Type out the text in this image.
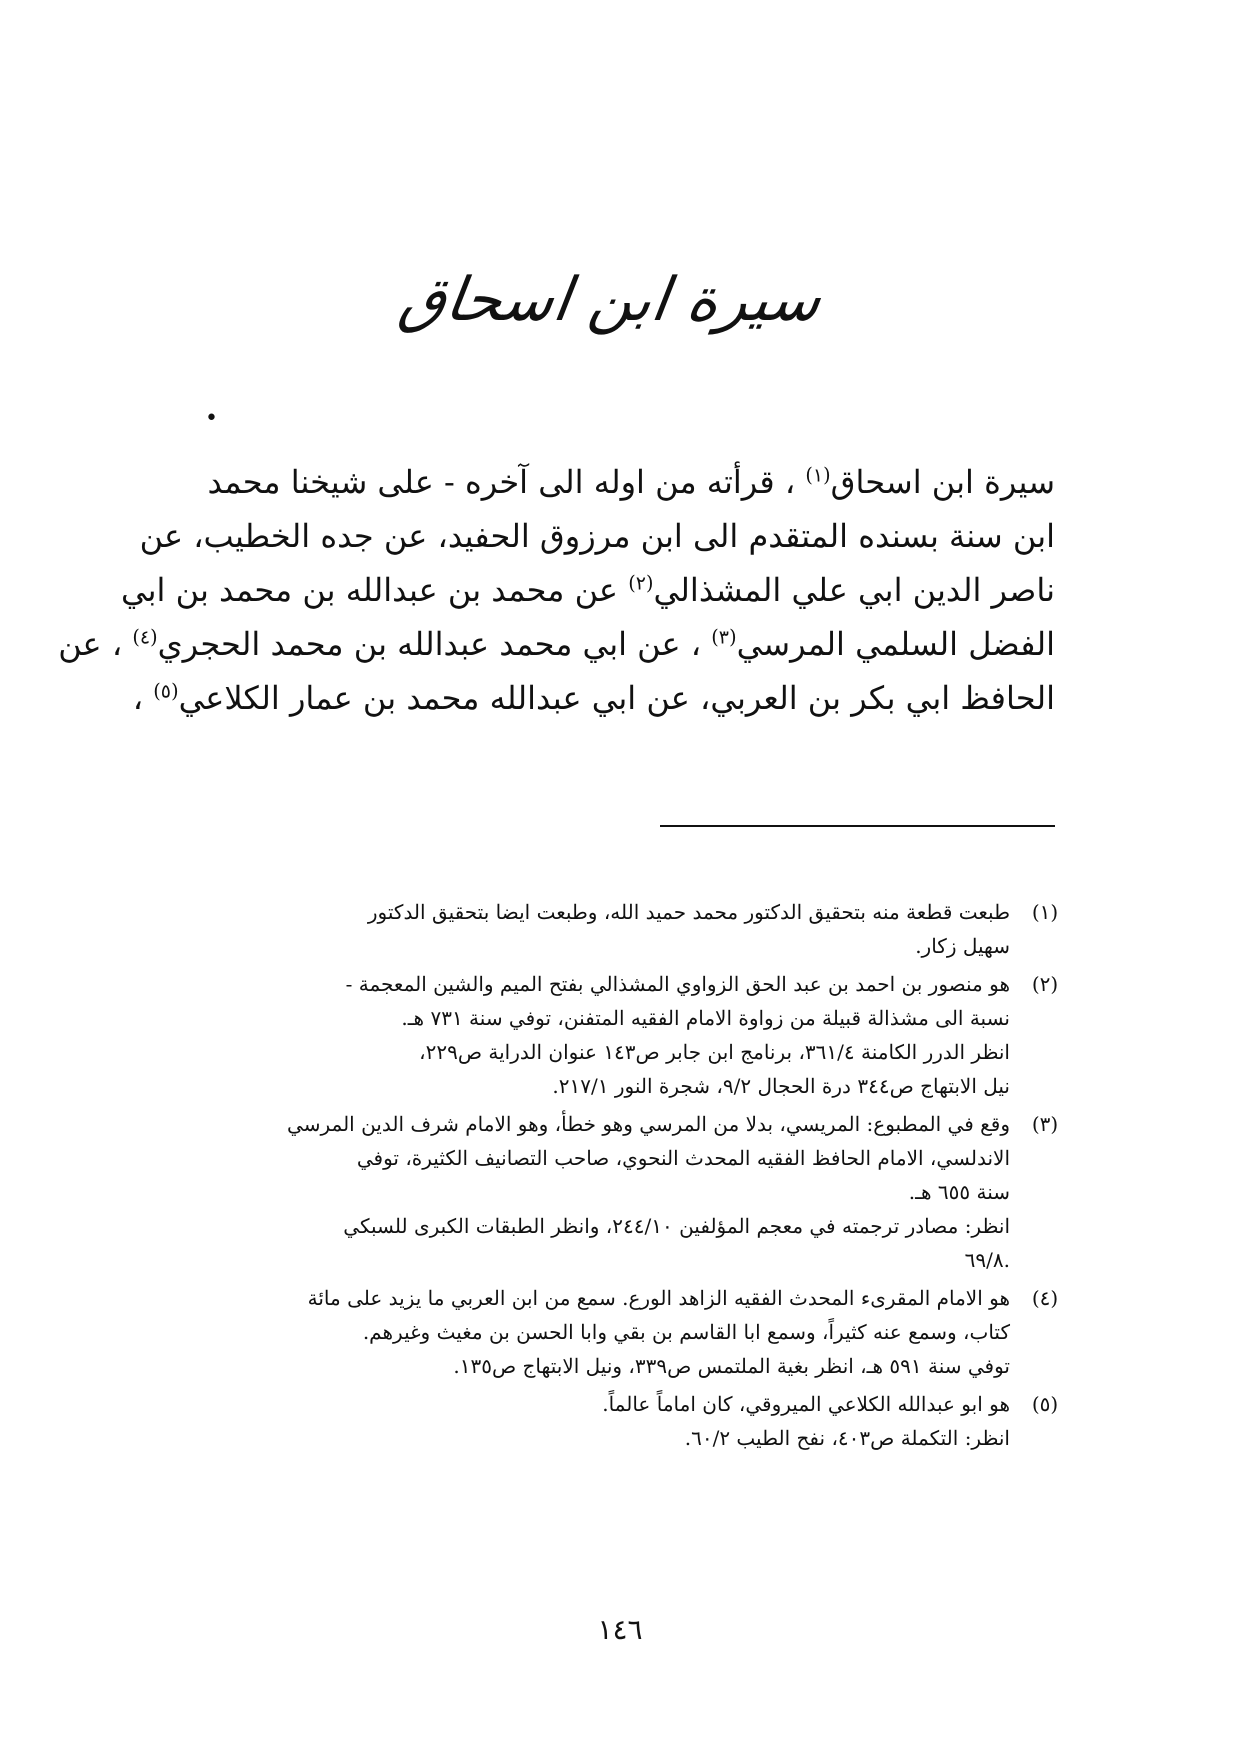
سيرة ابن اسحاق
•
سيرة ابن اسحاق$^{(١)}$ ، قرأته من اوله الى آخره - على شيخنا محمد
ابن سنة بسنده المتقدم الى ابن مرزوق الحفيد، عن جده الخطيب، عن
ناصر الدين ابي علي المشذالي$^{(٢)}$ عن محمد بن عبدالله بن محمد بن ابي
الفضل السلمي المرسي$^{(٣)}$ ، عن ابي محمد عبدالله بن محمد الحجري$^{(٤)}$ ، عن
الحافظ ابي بكر بن العربي، عن ابي عبدالله محمد بن عمار الكلاعي$^{(٥)}$ ،
(١)
طبعت قطعة منه بتحقيق الدكتور محمد حميد الله، وطبعت ايضا بتحقيق الدكتور
سهيل زكار.
(٢)
هو منصور بن احمد بن عبد الحق الزواوي المشذالي بفتح الميم والشين المعجمة -
نسبة الى مشذالة قبيلة من زواوة الامام الفقيه المتفنن، توفي سنة ٧٣١ هـ.
انظر الدرر الكامنة ٣٦١/٤، برنامج ابن جابر ص١٤٣ عنوان الدراية ص٢٢٩،
نيل الابتهاج ص٣٤٤ درة الحجال ٩/٢، شجرة النور ٢١٧/١.
(٣)
وقع في المطبوع: المريسي، بدلا من المرسي وهو خطأ، وهو الامام شرف الدين المرسي
الاندلسي، الامام الحافظ الفقيه المحدث النحوي، صاحب التصانيف الكثيرة، توفي
سنة ٦٥٥ هـ.
انظر: مصادر ترجمته في معجم المؤلفين ٢٤٤/١٠، وانظر الطبقات الكبرى للسبكي
.٦٩/٨
(٤)
هو الامام المقرىء المحدث الفقيه الزاهد الورع. سمع من ابن العربي ما يزيد على مائة
كتاب، وسمع عنه كثيراً، وسمع ابا القاسم بن بقي وابا الحسن بن مغيث وغيرهم.
توفي سنة ٥٩١ هـ، انظر بغية الملتمس ص٣٣٩، ونيل الابتهاج ص١٣٥.
(٥)
هو ابو عبدالله الكلاعي الميروقي، كان اماماً عالماً.
انظر: التكملة ص٤٠٣، نفح الطيب ٦٠/٢.
١٤٦
